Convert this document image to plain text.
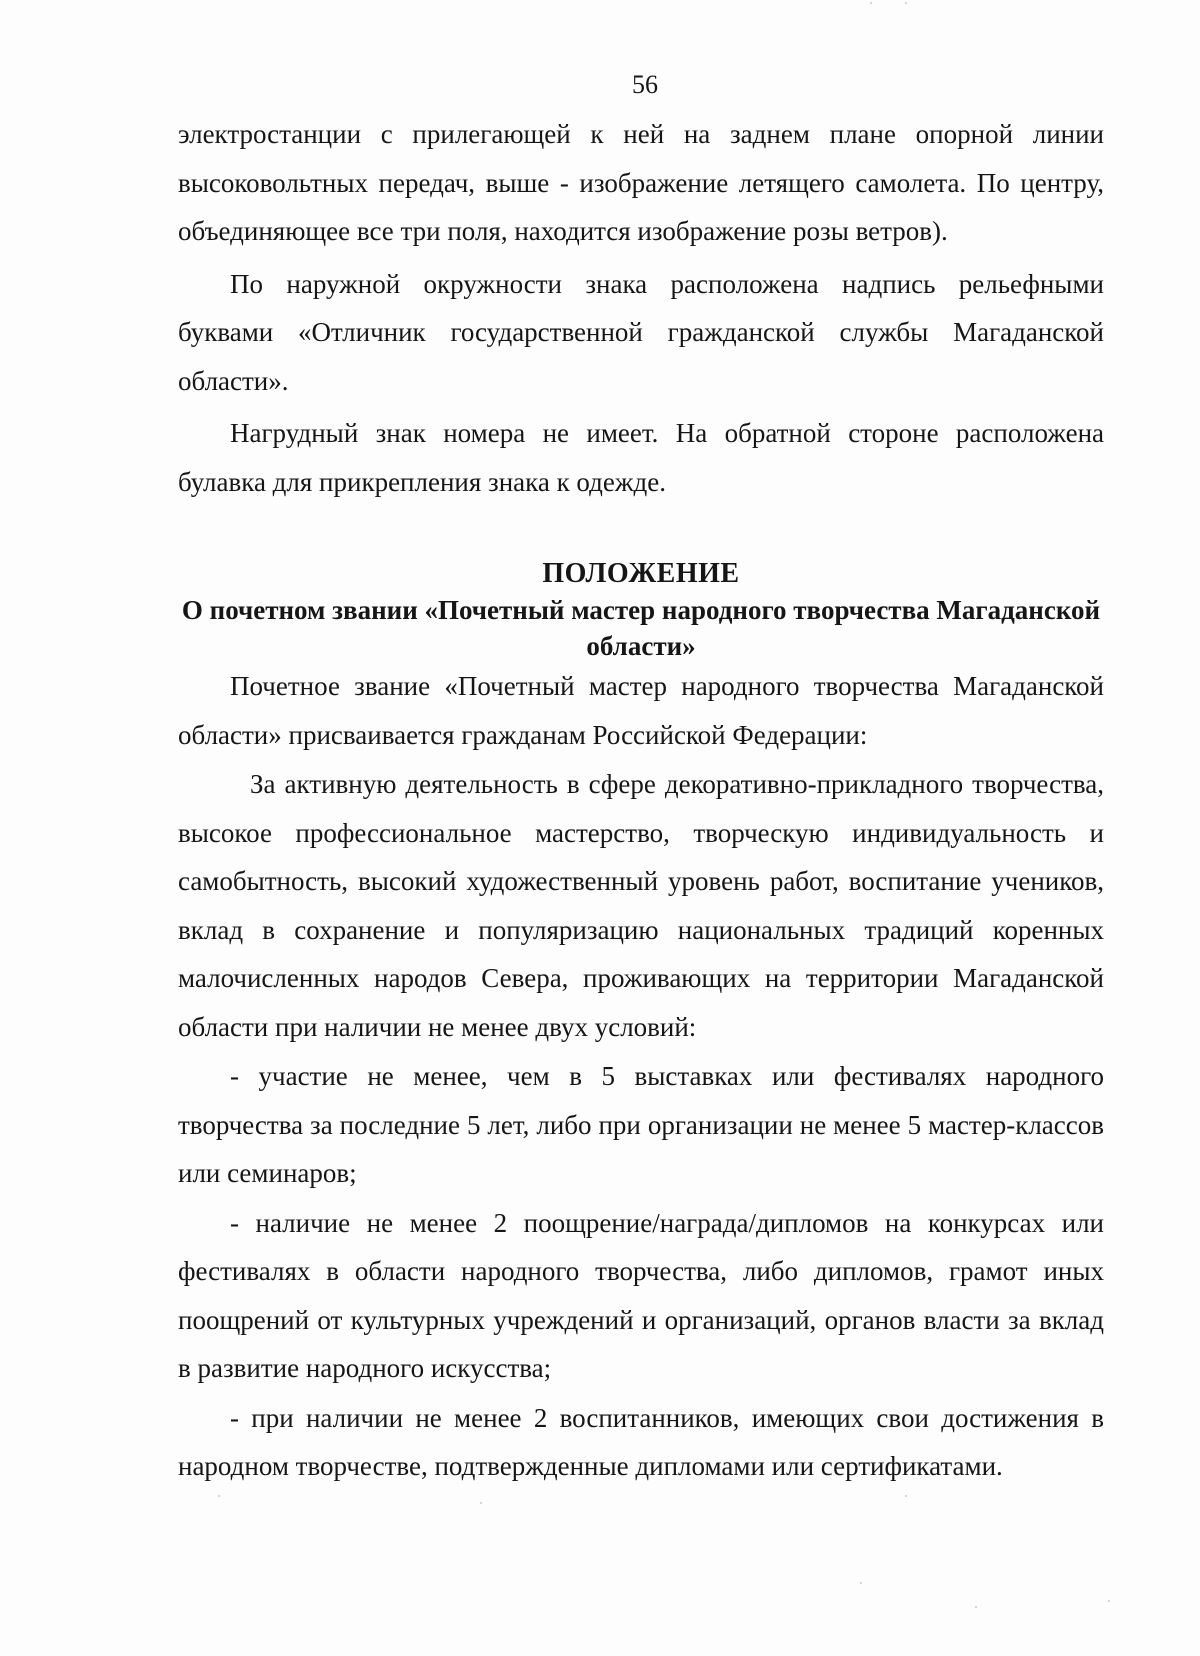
56

электростанции с прилегающей к ней на заднем плане опорной линии высоковольтных передач, выше - изображение летящего самолета. По центру, объединяющее все три поля, находится изображение розы ветров).

По наружной окружности знака расположена надпись рельефными буквами «Отличник государственной гражданской службы Магаданской области».

Нагрудный знак номера не имеет. На обратной стороне расположена булавка для прикрепления знака к одежде.

ПОЛОЖЕНИЕ
О почетном звании «Почетный мастер народного творчества Магаданской области»

Почетное звание «Почетный мастер народного творчества Магаданской области» присваивается гражданам Российской Федерации:

За активную деятельность в сфере декоративно-прикладного творчества, высокое профессиональное мастерство, творческую индивидуальность и самобытность, высокий художественный уровень работ, воспитание учеников, вклад в сохранение и популяризацию национальных традиций коренных малочисленных народов Севера, проживающих на территории Магаданской области при наличии не менее двух условий:

- участие не менее, чем в 5 выставках или фестивалях народного творчества за последние 5 лет, либо при организации не менее 5 мастер-классов или семинаров;

- наличие не менее 2 поощрение/награда/дипломов на конкурсах или фестивалях в области народного творчества, либо дипломов, грамот иных поощрений от культурных учреждений и организаций, органов власти за вклад в развитие народного искусства;

- при наличии не менее 2 воспитанников, имеющих свои достижения в народном творчестве, подтвержденные дипломами или сертификатами.
